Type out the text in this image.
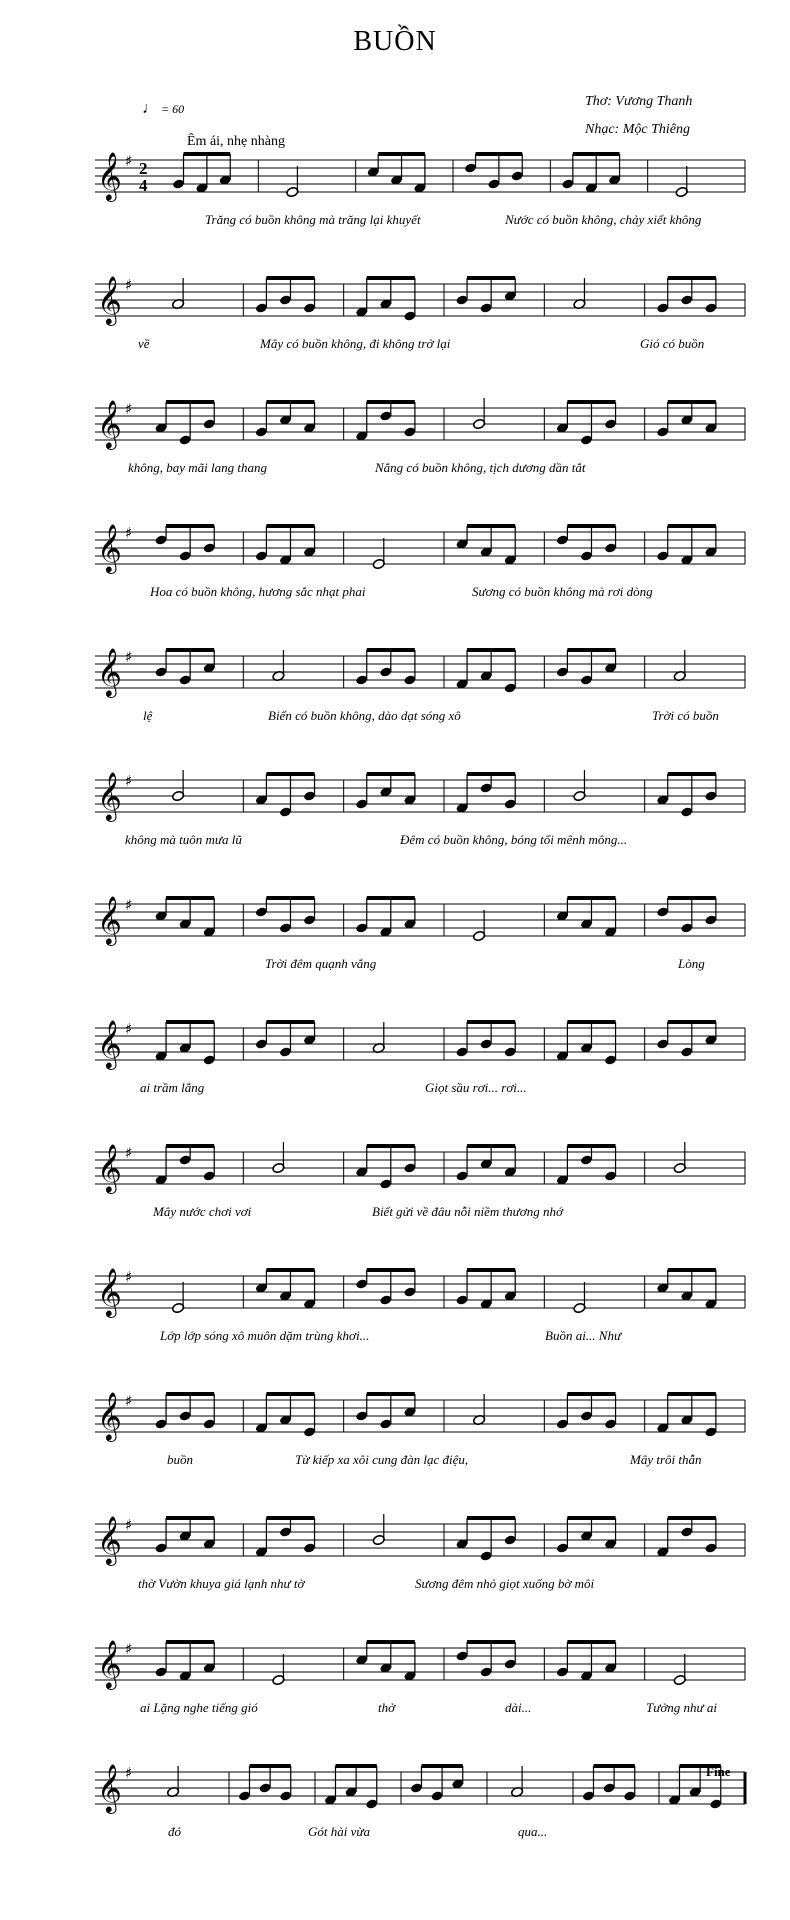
BUỒN
Thơ: Vương Thanh
Nhạc: Mộc Thiêng
♩ = 60
Êm ái, nhẹ nhàng
Fine
𝄞 ♯ 2
4
Trăng có buồn không mà trăng lại khuyết	Nước có buồn không, chảy xiết không
𝄞 ♯
về	Mây có buồn không, đi không trở lại	Gió có buồn
𝄞 ♯
không, bay mãi lang thang	Nắng có buồn không, tịch dương dần tắt
𝄞 ♯
Hoa có buồn không, hương sắc nhạt phai	Sương có buồn không mà rơi dòng
𝄞 ♯
lệ	Biển có buồn không, dào dạt sóng xô	Trời có buồn
𝄞 ♯
không mà tuôn mưa lũ	Đêm có buồn không, bóng tối mênh mông...
𝄞 ♯
Trời đêm quạnh vắng	Lòng
𝄞 ♯
ai trầm lắng	Giọt sầu rơi... rơi...
𝄞 ♯
Mây nước chơi vơi	Biết gửi về đâu nỗi niềm thương nhớ
𝄞 ♯
Lớp lớp sóng xô muôn dặm trùng khơi...	Buồn ai... Như
𝄞 ♯
buồn	Từ kiếp xa xôi cung đàn lạc điệu,	Mây trôi thẫn
𝄞 ♯
thờ Vườn khuya giá lạnh như tờ	Sương đêm nhỏ giọt xuống bờ môi
𝄞 ♯
ai Lặng nghe tiếng gió	thở	dài...	Tưởng như ai
𝄞 ♯
đó	Gót hài vừa	qua...
